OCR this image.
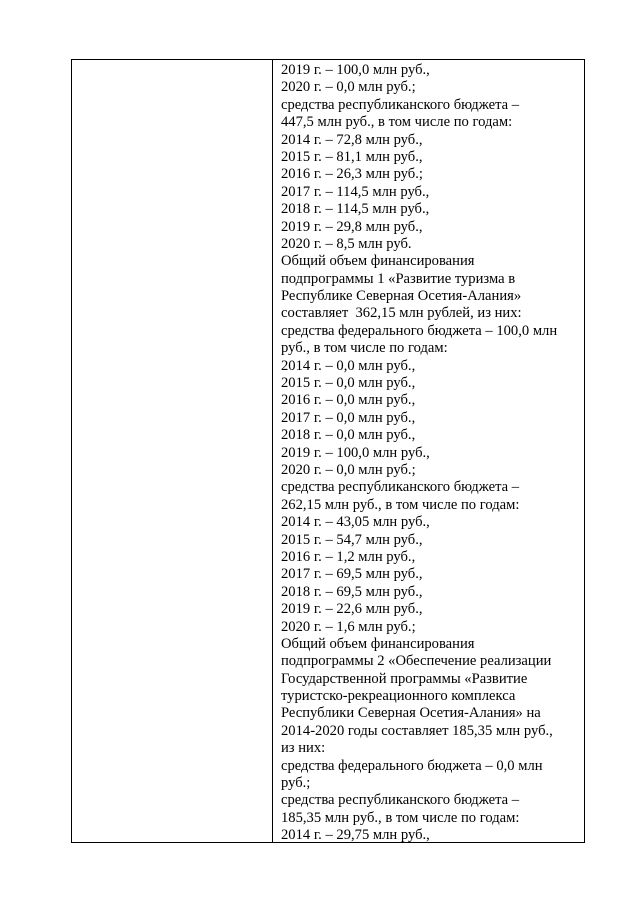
2019 г. – 100,0 млн руб.,
2020 г. – 0,0 млн руб.;
средства республиканского бюджета –
447,5 млн руб., в том числе по годам:
2014 г. – 72,8 млн руб.,
2015 г. – 81,1 млн руб.,
2016 г. – 26,3 млн руб.;
2017 г. – 114,5 млн руб.,
2018 г. – 114,5 млн руб.,
2019 г. – 29,8 млн руб.,
2020 г. – 8,5 млн руб.
Общий объем финансирования
подпрограммы 1 «Развитие туризма в
Республике Северная Осетия-Алания»
составляет  362,15 млн рублей, из них:
средства федерального бюджета – 100,0 млн
руб., в том числе по годам:
2014 г. – 0,0 млн руб.,
2015 г. – 0,0 млн руб.,
2016 г. – 0,0 млн руб.,
2017 г. – 0,0 млн руб.,
2018 г. – 0,0 млн руб.,
2019 г. – 100,0 млн руб.,
2020 г. – 0,0 млн руб.;
средства республиканского бюджета –
262,15 млн руб., в том числе по годам:
2014 г. – 43,05 млн руб.,
2015 г. – 54,7 млн руб.,
2016 г. – 1,2 млн руб.,
2017 г. – 69,5 млн руб.,
2018 г. – 69,5 млн руб.,
2019 г. – 22,6 млн руб.,
2020 г. – 1,6 млн руб.;
Общий объем финансирования
подпрограммы 2 «Обеспечение реализации
Государственной программы «Развитие
туристско-рекреационного комплекса
Республики Северная Осетия-Алания» на
2014-2020 годы составляет 185,35 млн руб.,
из них:
средства федерального бюджета – 0,0 млн
руб.;
средства республиканского бюджета –
185,35 млн руб., в том числе по годам:
2014 г. – 29,75 млн руб.,
